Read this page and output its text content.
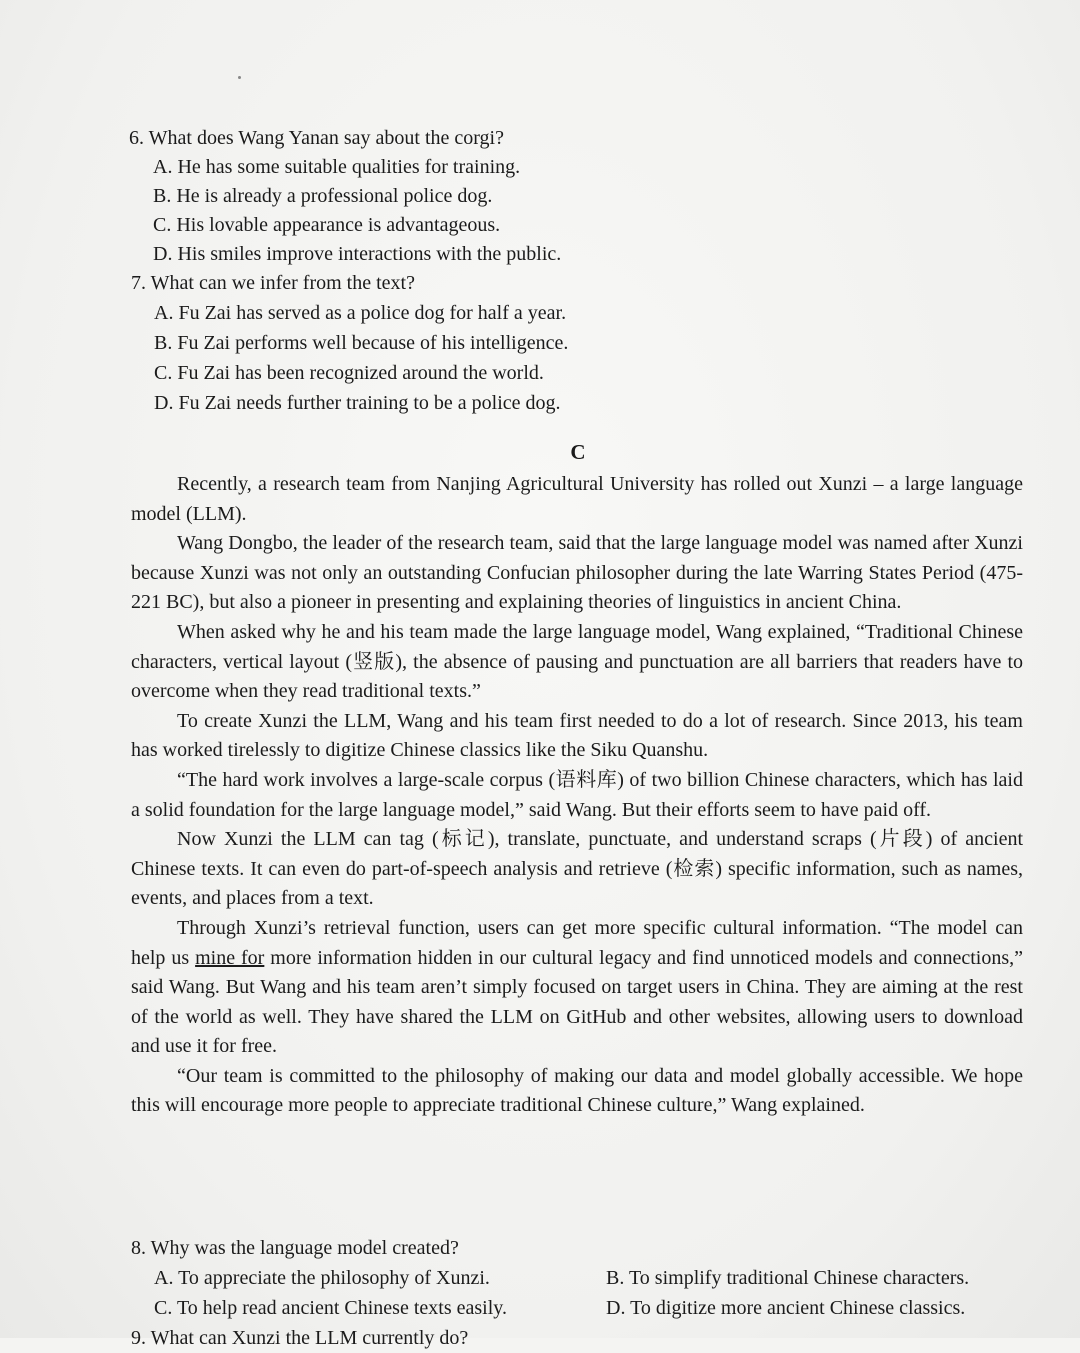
6. What does Wang Yanan say about the corgi?
A. He has some suitable qualities for training.
B. He is already a professional police dog.
C. His lovable appearance is advantageous.
D. His smiles improve interactions with the public.
7. What can we infer from the text?
A. Fu Zai has served as a police dog for half a year.
B. Fu Zai performs well because of his intelligence.
C. Fu Zai has been recognized around the world.
D. Fu Zai needs further training to be a police dog.
C

Recently, a research team from Nanjing Agricultural University has rolled out Xunzi – a large language model (LLM).

Wang Dongbo, the leader of the research team, said that the large language model was named after Xunzi because Xunzi was not only an outstanding Confucian philosopher during the late Warring States Period (475-221 BC), but also a pioneer in presenting and explaining theories of linguistics in ancient China.

When asked why he and his team made the large language model, Wang explained, “Traditional Chinese characters, vertical layout (竖版), the absence of pausing and punctuation are all barriers that readers have to overcome when they read traditional texts.”

To create Xunzi the LLM, Wang and his team first needed to do a lot of research. Since 2013, his team has worked tirelessly to digitize Chinese classics like the Siku Quanshu.

“The hard work involves a large-scale corpus (语料库) of two billion Chinese characters, which has laid a solid foundation for the large language model,” said Wang. But their efforts seem to have paid off.

Now Xunzi the LLM can tag (标记), translate, punctuate, and understand scraps (片段) of ancient Chinese texts. It can even do part-of-speech analysis and retrieve (检索) specific information, such as names, events, and places from a text.

Through Xunzi’s retrieval function, users can get more specific cultural information. “The model can help us mine for more information hidden in our cultural legacy and find unnoticed models and connections,” said Wang. But Wang and his team aren’t simply focused on target users in China. They are aiming at the rest of the world as well. They have shared the LLM on GitHub and other websites, allowing users to download and use it for free.

“Our team is committed to the philosophy of making our data and model globally accessible. We hope this will encourage more people to appreciate traditional Chinese culture,” Wang explained.

8. Why was the language model created?
A. To appreciate the philosophy of Xunzi.	B. To simplify traditional Chinese characters.
C. To help read ancient Chinese texts easily.	D. To digitize more ancient Chinese classics.
9. What can Xunzi the LLM currently do?
